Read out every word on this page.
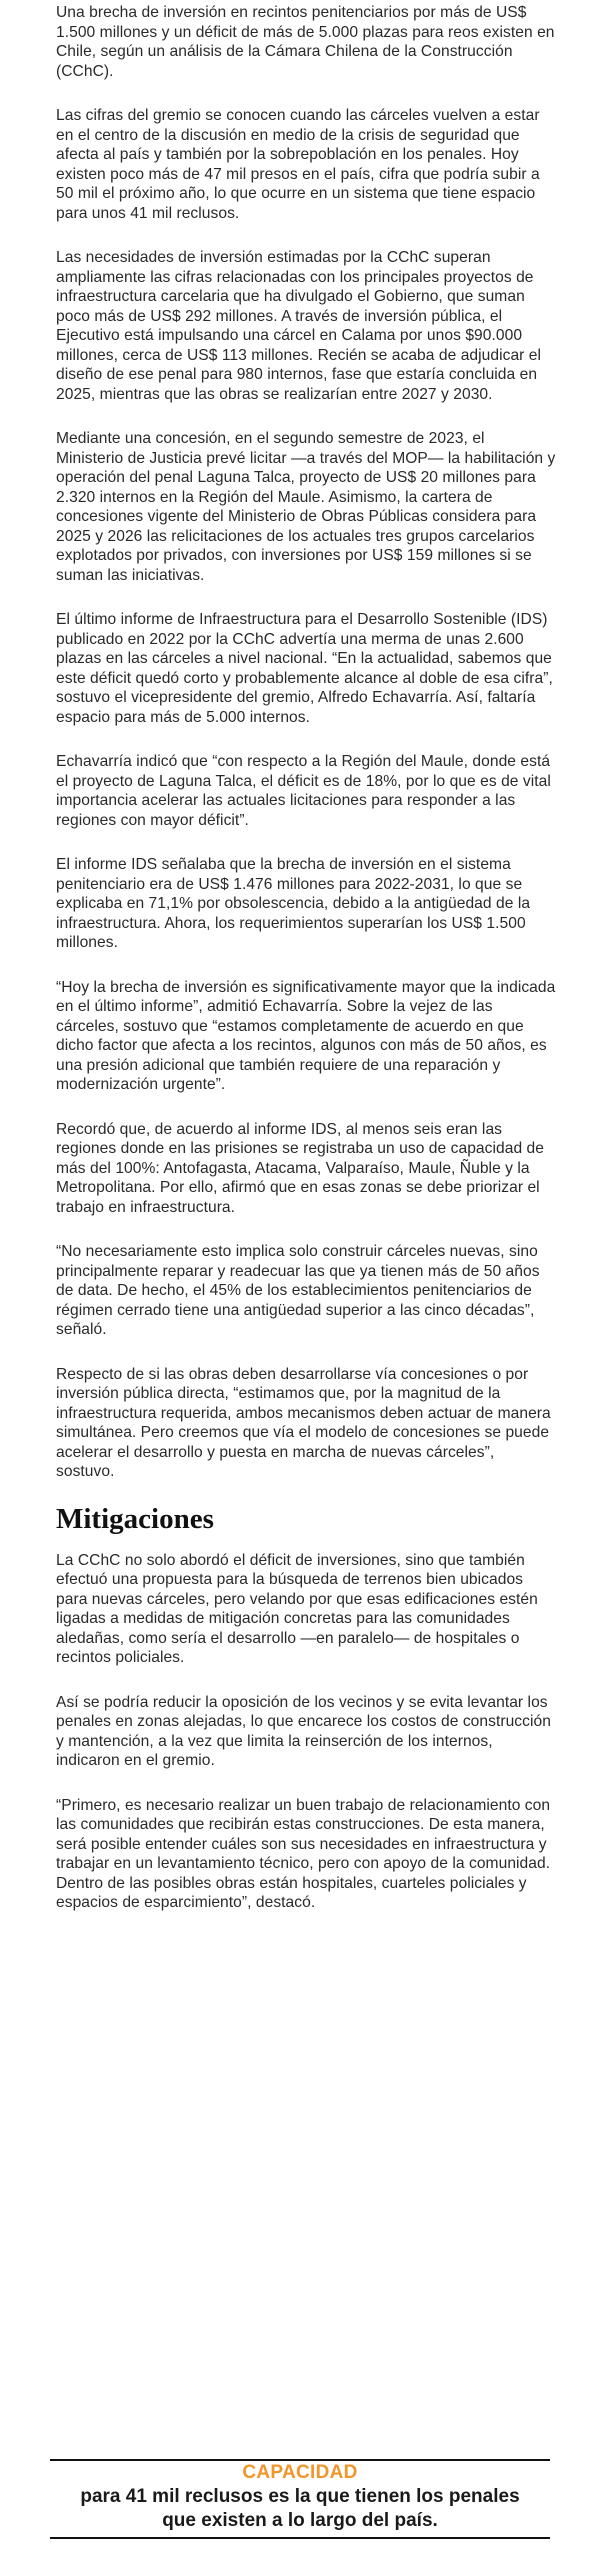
Una brecha de inversión en recintos penitenciarios por más de US$ 1.500 millones y un déficit de más de 5.000 plazas para reos existen en Chile, según un análisis de la Cámara Chilena de la Construcción (CChC).

Las cifras del gremio se conocen cuando las cárceles vuelven a estar en el centro de la discusión en medio de la crisis de seguridad que afecta al país y también por la sobrepoblación en los penales. Hoy existen poco más de 47 mil presos en el país, cifra que podría subir a 50 mil el próximo año, lo que ocurre en un sistema que tiene espacio para unos 41 mil reclusos.

Las necesidades de inversión estimadas por la CChC superan ampliamente las cifras relacionadas con los principales proyectos de infraestructura carcelaria que ha divulgado el Gobierno, que suman poco más de US$ 292 millones. A través de inversión pública, el Ejecutivo está impulsando una cárcel en Calama por unos $90.000 millones, cerca de US$ 113 millones. Recién se acaba de adjudicar el diseño de ese penal para 980 internos, fase que estaría concluida en 2025, mientras que las obras se realizarían entre 2027 y 2030.

Mediante una concesión, en el segundo semestre de 2023, el Ministerio de Justicia prevé licitar —a través del MOP— la habilitación y operación del penal Laguna Talca, proyecto de US$ 20 millones para 2.320 internos en la Región del Maule. Asimismo, la cartera de concesiones vigente del Ministerio de Obras Públicas considera para 2025 y 2026 las relicitaciones de los actuales tres grupos carcelarios explotados por privados, con inversiones por US$ 159 millones si se suman las iniciativas.

El último informe de Infraestructura para el Desarrollo Sostenible (IDS) publicado en 2022 por la CChC advertía una merma de unas 2.600 plazas en las cárceles a nivel nacional. “En la actualidad, sabemos que este déficit quedó corto y probablemente alcance al doble de esa cifra”, sostuvo el vicepresidente del gremio, Alfredo Echavarría. Así, faltaría espacio para más de 5.000 internos.

Echavarría indicó que “con respecto a la Región del Maule, donde está el proyecto de Laguna Talca, el déficit es de 18%, por lo que es de vital importancia acelerar las actuales licitaciones para responder a las regiones con mayor déficit”.

El informe IDS señalaba que la brecha de inversión en el sistema penitenciario era de US$ 1.476 millones para 2022-2031, lo que se explicaba en 71,1% por obsolescencia, debido a la antigüedad de la infraestructura. Ahora, los requerimientos superarían los US$ 1.500 millones.

“Hoy la brecha de inversión es significativamente mayor que la indicada en el último informe”, admitió Echavarría. Sobre la vejez de las cárceles, sostuvo que “estamos completamente de acuerdo en que dicho factor que afecta a los recintos, algunos con más de 50 años, es una presión adicional que también requiere de una reparación y modernización urgente”.

Recordó que, de acuerdo al informe IDS, al menos seis eran las regiones donde en las prisiones se registraba un uso de capacidad de más del 100%: Antofagasta, Atacama, Valparaíso, Maule, Ñuble y la Metropolitana. Por ello, afirmó que en esas zonas se debe priorizar el trabajo en infraestructura.

“No necesariamente esto implica solo construir cárceles nuevas, sino principalmente reparar y readecuar las que ya tienen más de 50 años de data. De hecho, el 45% de los establecimientos penitenciarios de régimen cerrado tiene una antigüedad superior a las cinco décadas”, señaló.

Respecto de si las obras deben desarrollarse vía concesiones o por inversión pública directa, “estimamos que, por la magnitud de la infraestructura requerida, ambos mecanismos deben actuar de manera simultánea. Pero creemos que vía el modelo de concesiones se puede acelerar el desarrollo y puesta en marcha de nuevas cárceles”, sostuvo.

Mitigaciones

La CChC no solo abordó el déficit de inversiones, sino que también efectuó una propuesta para la búsqueda de terrenos bien ubicados para nuevas cárceles, pero velando por que esas edificaciones estén ligadas a medidas de mitigación concretas para las comunidades aledañas, como sería el desarrollo —en paralelo— de hospitales o recintos policiales.

Así se podría reducir la oposición de los vecinos y se evita levantar los penales en zonas alejadas, lo que encarece los costos de construcción y mantención, a la vez que limita la reinserción de los internos, indicaron en el gremio.

“Primero, es necesario realizar un buen trabajo de relacionamiento con las comunidades que recibirán estas construcciones. De esta manera, será posible entender cuáles son sus necesidades en infraestructura y trabajar en un levantamiento técnico, pero con apoyo de la comunidad. Dentro de las posibles obras están hospitales, cuarteles policiales y espacios de esparcimiento”, destacó.

CAPACIDAD
para 41 mil reclusos es la que tienen los penales que existen a lo largo del país.
